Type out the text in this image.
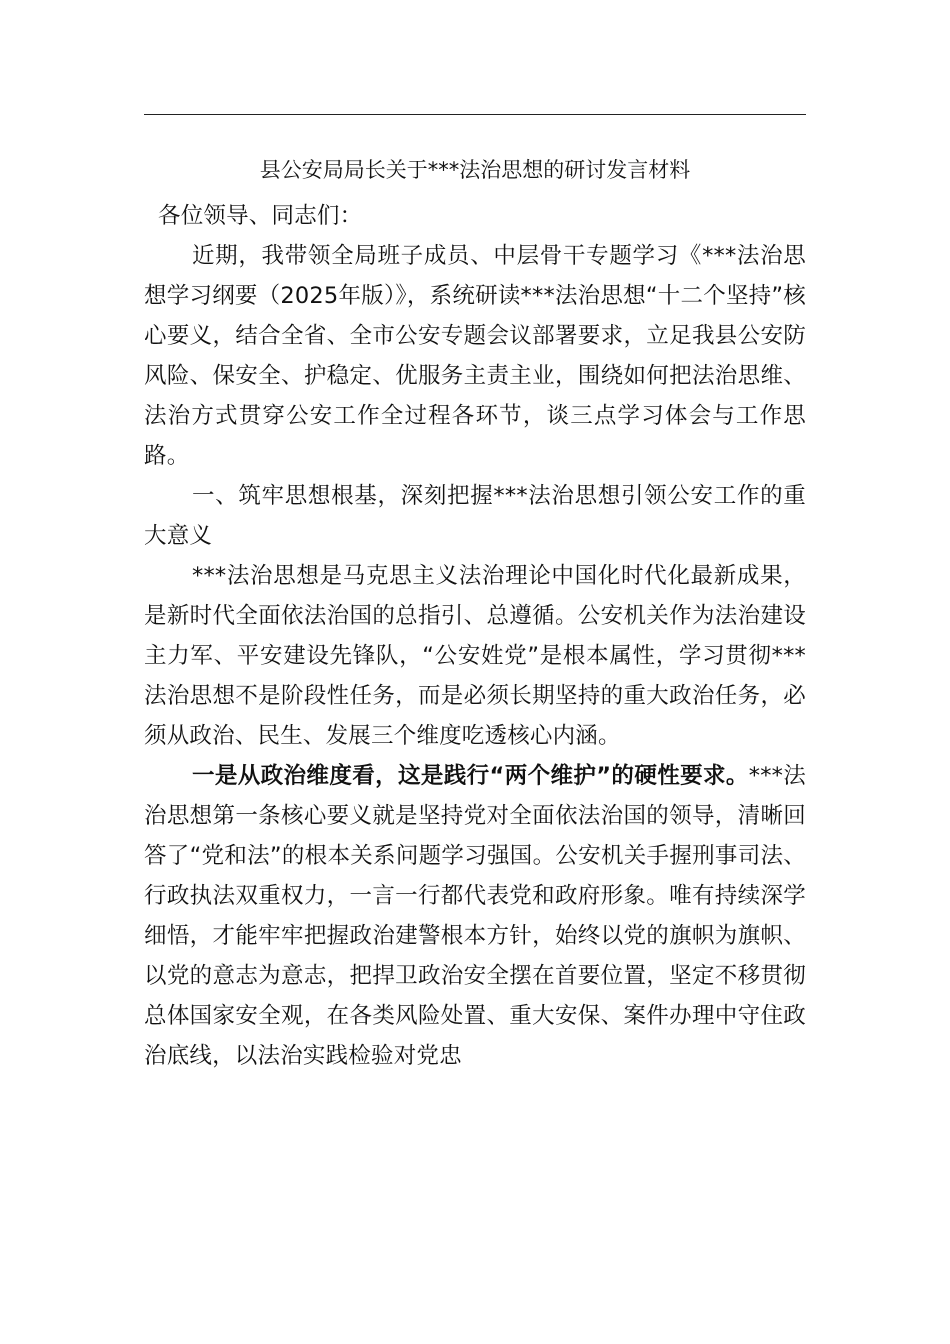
县公安局局长关于***法治思想的研讨发言材料

各位领导、同志们：

近期，我带领全局班子成员、中层骨干专题学习《***法治思想学习纲要（2025年版）》，系统研读***法治思想“十二个坚持”核心要义，结合全省、全市公安专题会议部署要求，立足我县公安防风险、保安全、护稳定、优服务主责主业，围绕如何把法治思维、法治方式贯穿公安工作全过程各环节，谈三点学习体会与工作思路。

一、筑牢思想根基，深刻把握***法治思想引领公安工作的重大意义

***法治思想是马克思主义法治理论中国化时代化最新成果，是新时代全面依法治国的总指引、总遵循。公安机关作为法治建设主力军、平安建设先锋队，“公安姓党”是根本属性，学习贯彻***法治思想不是阶段性任务，而是必须长期坚持的重大政治任务，必须从政治、民生、发展三个维度吃透核心内涵。

一是从政治维度看，这是践行“两个维护”的硬性要求。***法治思想第一条核心要义就是坚持党对全面依法治国的领导，清晰回答了“党和法”的根本关系问题学习强国。公安机关手握刑事司法、行政执法双重权力，一言一行都代表党和政府形象。唯有持续深学细悟，才能牢牢把握政治建警根本方针，始终以党的旗帜为旗帜、以党的意志为意志，把捍卫政治安全摆在首要位置，坚定不移贯彻总体国家安全观，在各类风险处置、重大安保、案件办理中守住政治底线，以法治实践检验对党忠
